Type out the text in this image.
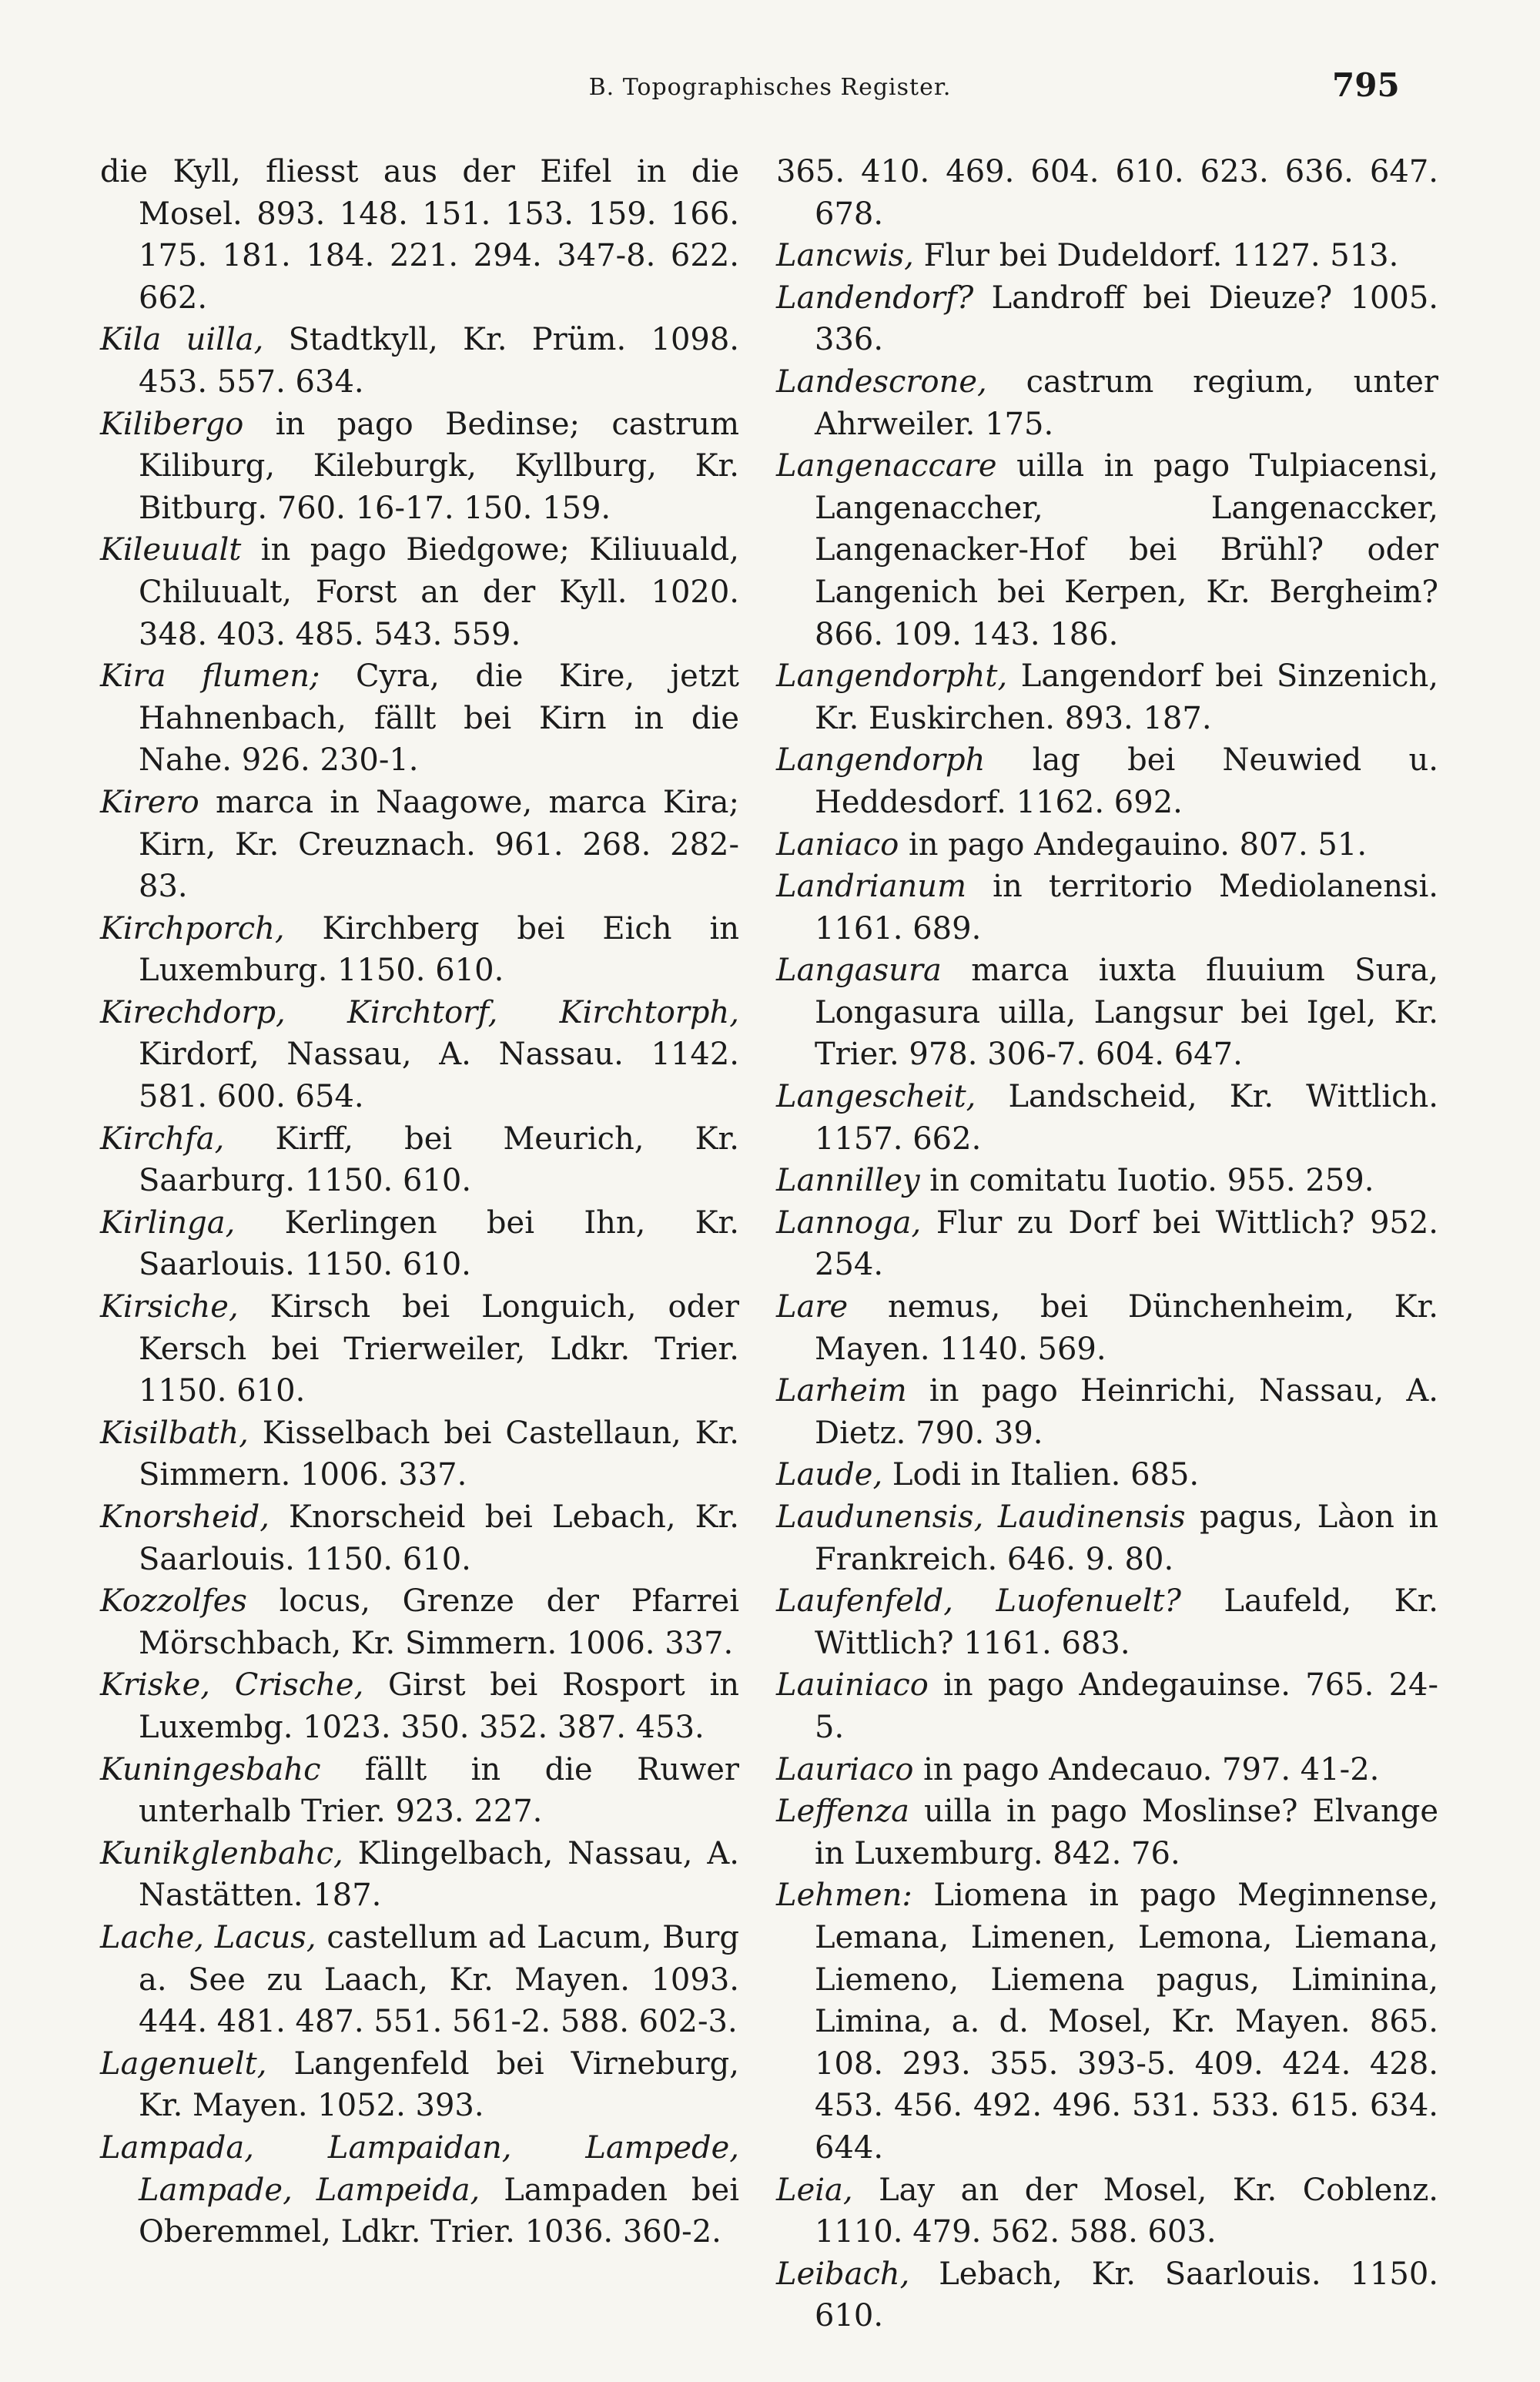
B. Topographisches Register.	795

die Kyll, fliesst aus der Eifel in die Mosel. 893. 148. 151. 153. 159. 166. 175. 181. 184. 221. 294. 347-8. 622. 662.

Kila uilla, Stadtkyll, Kr. Prüm. 1098. 453. 557. 634.

Kilibergo in pago Bedinse; castrum Kiliburg, Kileburgk, Kyllburg, Kr. Bitburg. 760. 16-17. 150. 159.

Kileuualt in pago Biedgowe; Kiliuuald, Chiluualt, Forst an der Kyll. 1020. 348. 403. 485. 543. 559.

Kira flumen; Cyra, die Kire, jetzt Hahnenbach, fällt bei Kirn in die Nahe. 926. 230-1.

Kirero marca in Naagowe, marca Kira; Kirn, Kr. Creuznach. 961. 268. 282-83.

Kirchporch, Kirchberg bei Eich in Luxemburg. 1150. 610.

Kirechdorp, Kirchtorf, Kirchtorph, Kirdorf, Nassau, A. Nassau. 1142. 581. 600. 654.

Kirchfa, Kirff, bei Meurich, Kr. Saarburg. 1150. 610.

Kirlinga, Kerlingen bei Ihn, Kr. Saarlouis. 1150. 610.

Kirsiche, Kirsch bei Longuich, oder Kersch bei Trierweiler, Ldkr. Trier. 1150. 610.

Kisilbath, Kisselbach bei Castellaun, Kr. Simmern. 1006. 337.

Knorsheid, Knorscheid bei Lebach, Kr. Saarlouis. 1150. 610.

Kozzolfes locus, Grenze der Pfarrei Mörschbach, Kr. Simmern. 1006. 337.

Kriske, Crische, Girst bei Rosport in Luxembg. 1023. 350. 352. 387. 453.

Kuningesbahc fällt in die Ruwer unterhalb Trier. 923. 227.

Kunikglenbahc, Klingelbach, Nassau, A. Nastätten. 187.

Lache, Lacus, castellum ad Lacum, Burg a. See zu Laach, Kr. Mayen. 1093. 444. 481. 487. 551. 561-2. 588. 602-3.

Lagenuelt, Langenfeld bei Virneburg, Kr. Mayen. 1052. 393.

Lampada, Lampaidan, Lampede, Lampade, Lampeida, Lampaden bei Oberemmel, Ldkr. Trier. 1036. 360-2.

365. 410. 469. 604. 610. 623. 636. 647. 678.

Lancwis, Flur bei Dudeldorf. 1127. 513.

Landendorf? Landroff bei Dieuze? 1005. 336.

Landescrone, castrum regium, unter Ahrweiler. 175.

Langenaccare uilla in pago Tulpiacensi, Langenaccher, Langenaccker, Langenacker-Hof bei Brühl? oder Langenich bei Kerpen, Kr. Bergheim? 866. 109. 143. 186.

Langendorpht, Langendorf bei Sinzenich, Kr. Euskirchen. 893. 187.

Langendorph lag bei Neuwied u. Heddesdorf. 1162. 692.

Laniaco in pago Andegauino. 807. 51.

Landrianum in territorio Mediolanensi. 1161. 689.

Langasura marca iuxta fluuium Sura, Longasura uilla, Langsur bei Igel, Kr. Trier. 978. 306-7. 604. 647.

Langescheit, Landscheid, Kr. Wittlich. 1157. 662.

Lannilley in comitatu Iuotio. 955. 259.

Lannoga, Flur zu Dorf bei Wittlich? 952. 254.

Lare nemus, bei Dünchenheim, Kr. Mayen. 1140. 569.

Larheim in pago Heinrichi, Nassau, A. Dietz. 790. 39.

Laude, Lodi in Italien. 685.

Laudunensis, Laudinensis pagus, Làon in Frankreich. 646. 9. 80.

Laufenfeld, Luofenuelt? Laufeld, Kr. Wittlich? 1161. 683.

Lauiniaco in pago Andegauinse. 765. 24-5.

Lauriaco in pago Andecauo. 797. 41-2.

Leffenza uilla in pago Moslinse? Elvange in Luxemburg. 842. 76.

Lehmen: Liomena in pago Meginnense, Lemana, Limenen, Lemona, Liemana, Liemeno, Liemena pagus, Liminina, Limina, a. d. Mosel, Kr. Mayen. 865. 108. 293. 355. 393-5. 409. 424. 428. 453. 456. 492. 496. 531. 533. 615. 634. 644.

Leia, Lay an der Mosel, Kr. Coblenz. 1110. 479. 562. 588. 603.

Leibach, Lebach, Kr. Saarlouis. 1150. 610.
